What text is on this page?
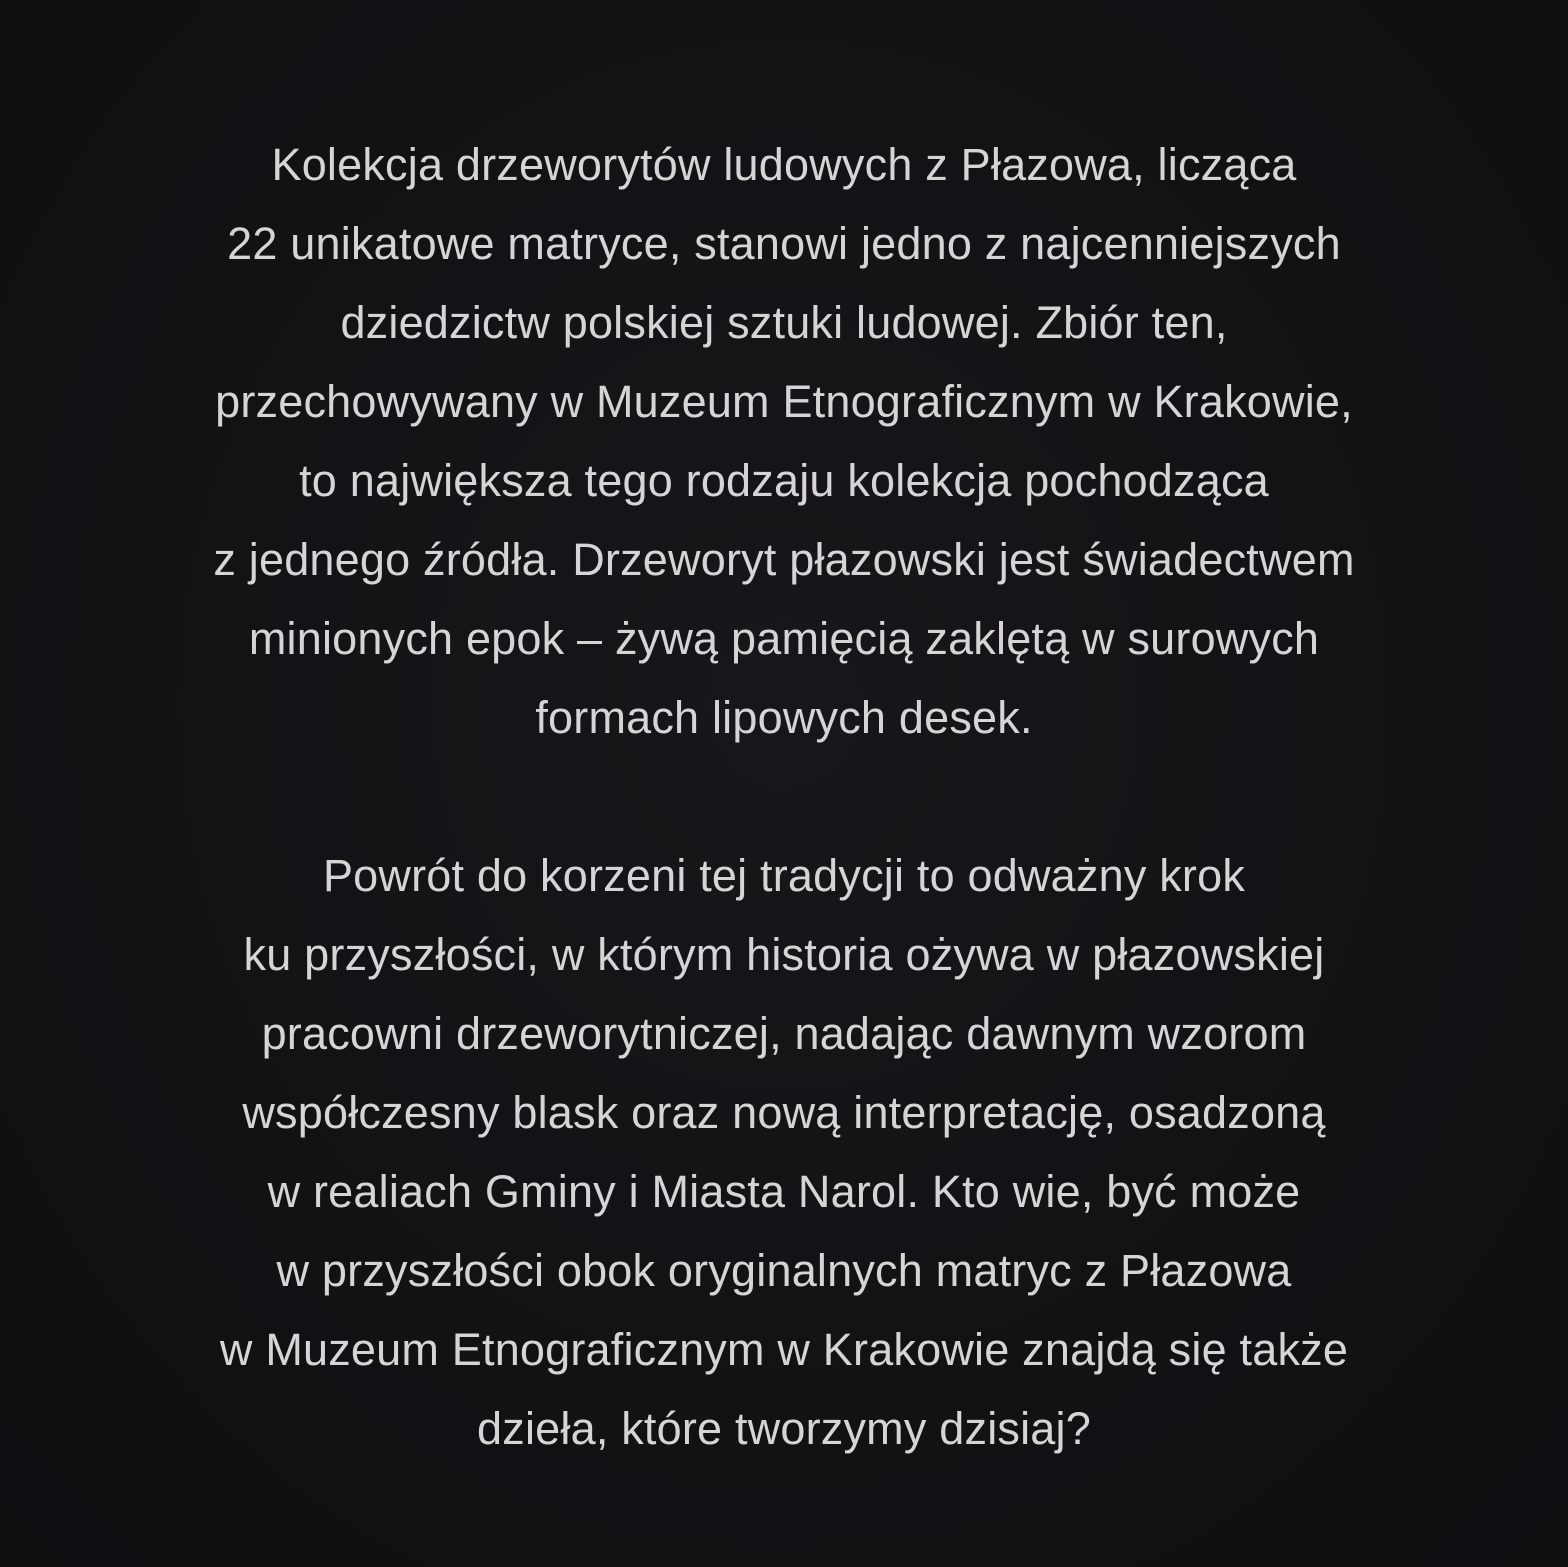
Kolekcja drzeworytów ludowych z Płazowa, licząca
22 unikatowe matryce, stanowi jedno z najcenniejszych
dziedzictw polskiej sztuki ludowej. Zbiór ten,
przechowywany w Muzeum Etnograficznym w Krakowie,
to największa tego rodzaju kolekcja pochodząca
z jednego źródła. Drzeworyt płazowski jest świadectwem
minionych epok – żywą pamięcią zaklętą w surowych
formach lipowych desek.

Powrót do korzeni tej tradycji to odważny krok
ku przyszłości, w którym historia ożywa w płazowskiej
pracowni drzeworytniczej, nadając dawnym wzorom
współczesny blask oraz nową interpretację, osadzoną
w realiach Gminy i Miasta Narol. Kto wie, być może
w przyszłości obok oryginalnych matryc z Płazowa
w Muzeum Etnograficznym w Krakowie znajdą się także
dzieła, które tworzymy dzisiaj?
